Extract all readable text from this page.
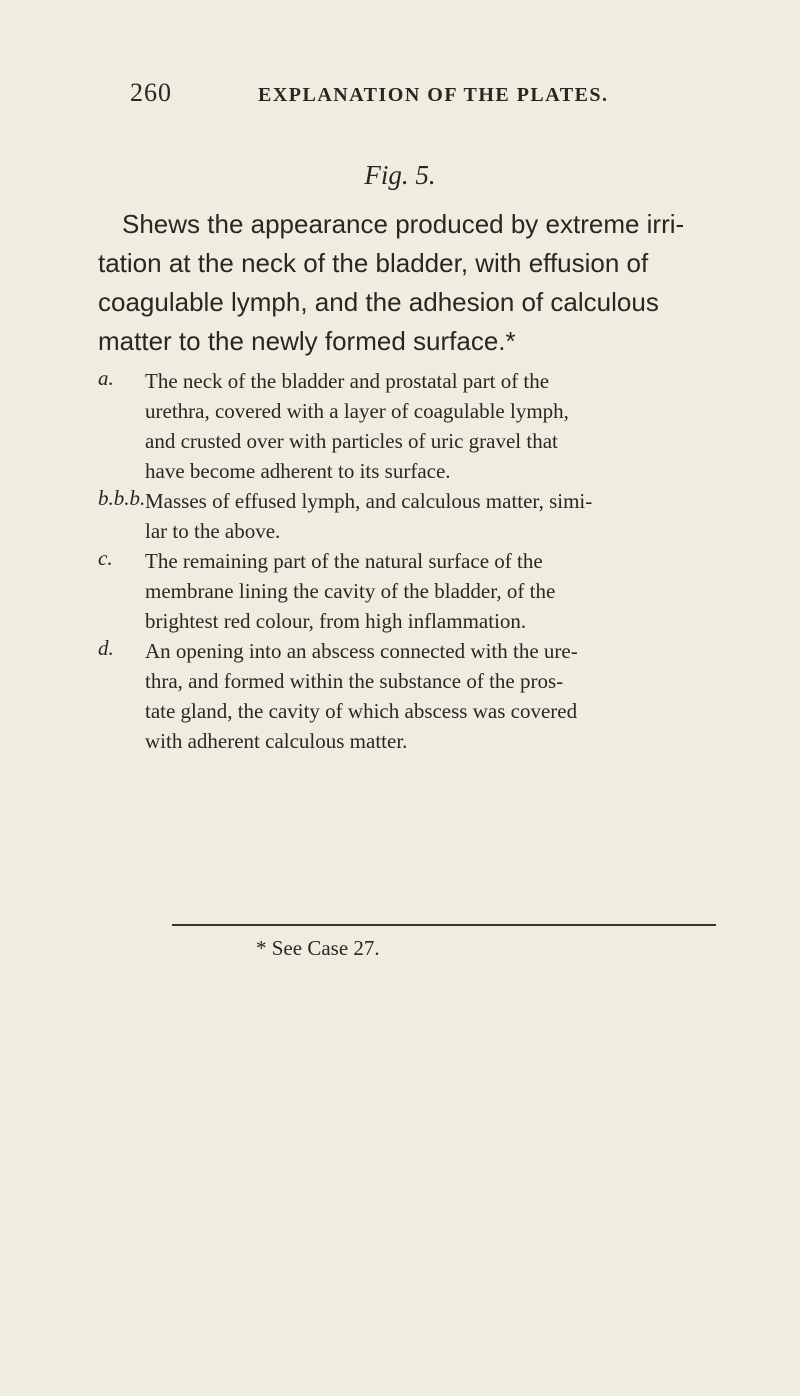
260	EXPLANATION OF THE PLATES.
Fig. 5.
Shews the appearance produced by extreme irri-
tation at the neck of the bladder, with effusion of
coagulable lymph, and the adhesion of calculous
matter to the newly formed surface.*
a. The neck of the bladder and prostatal part of the
urethra, covered with a layer of coagulable lymph,
and crusted over with particles of uric gravel that
have become adherent to its surface.
b.b.b. Masses of effused lymph, and calculous matter, simi-
lar to the above.
c. The remaining part of the natural surface of the
membrane lining the cavity of the bladder, of the
brightest red colour, from high inflammation.
d. An opening into an abscess connected with the ure-
thra, and formed within the substance of the pros-
tate gland, the cavity of which abscess was covered
with adherent calculous matter.
* See Case 27.
